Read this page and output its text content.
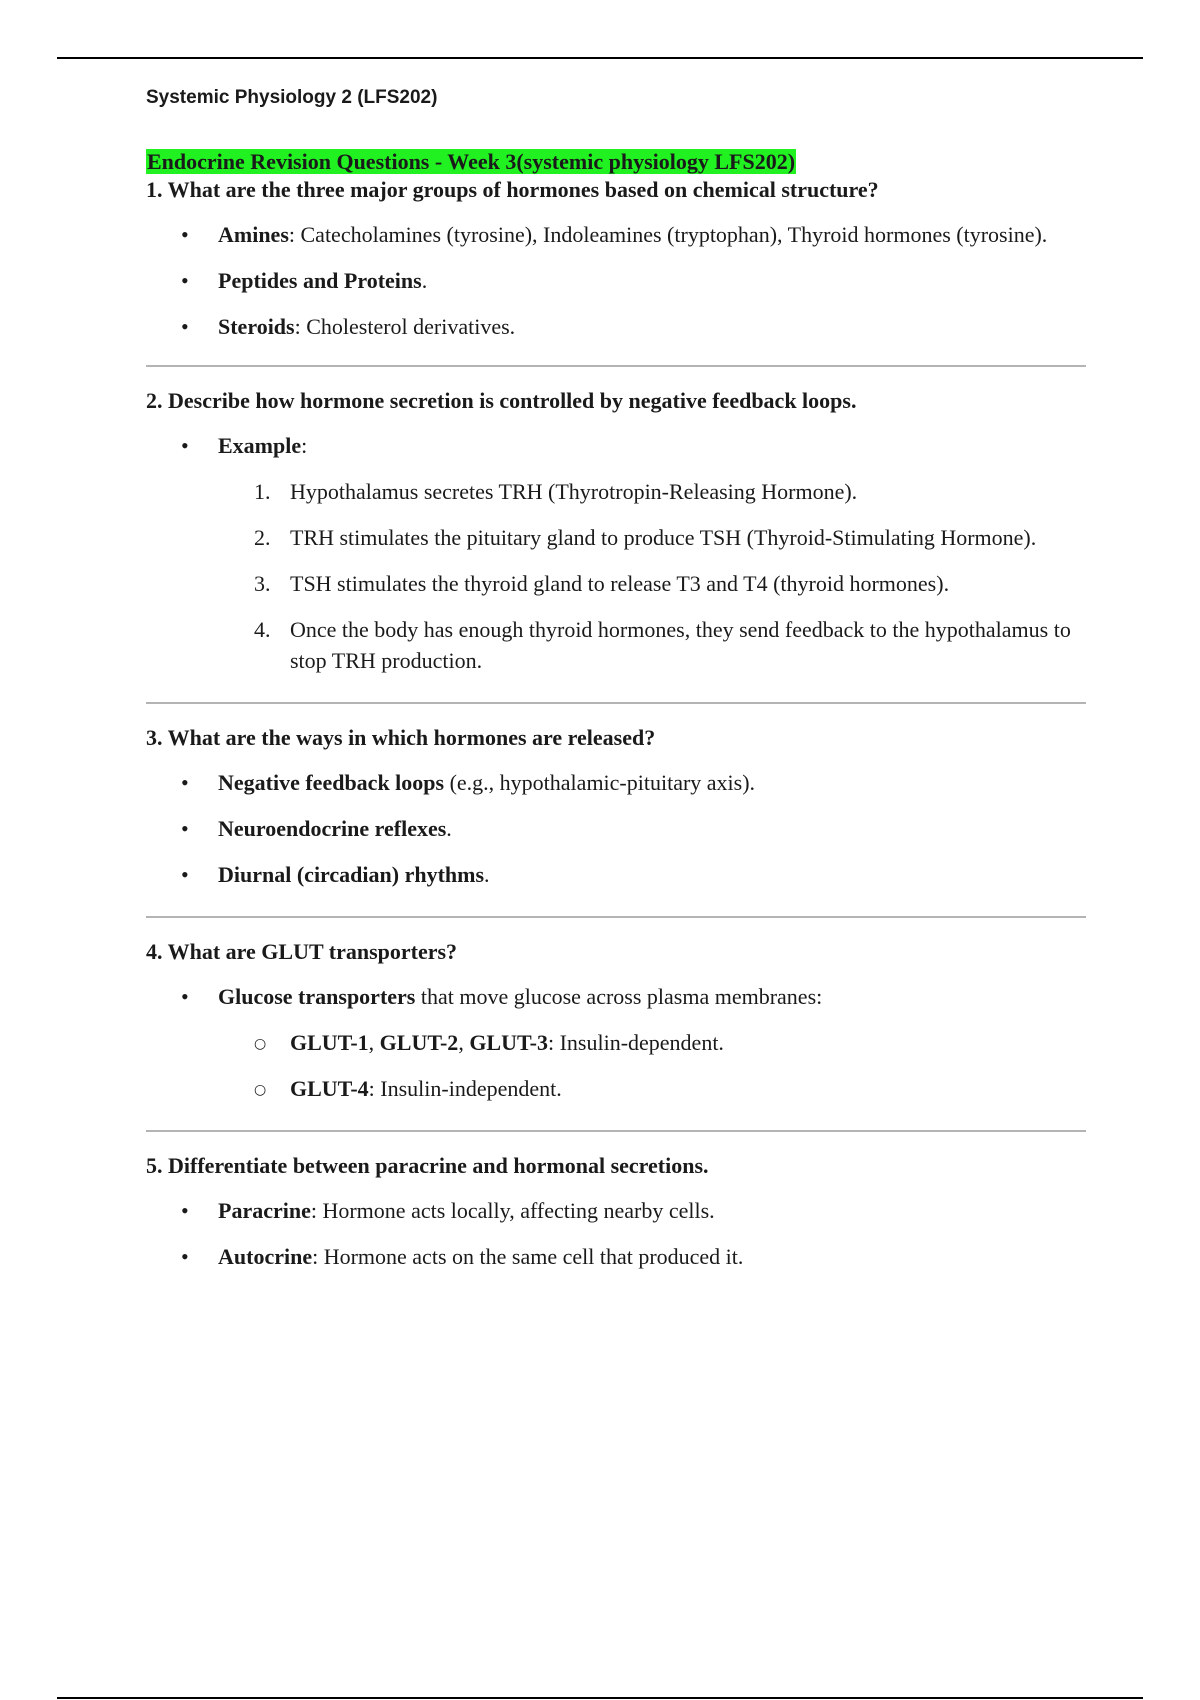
Systemic Physiology 2 (LFS202)

Endocrine Revision Questions - Week 3(systemic physiology LFS202)

1. What are the three major groups of hormones based on chemical structure?
• Amines: Catecholamines (tyrosine), Indoleamines (tryptophan), Thyroid hormones (tyrosine).
• Peptides and Proteins.
• Steroids: Cholesterol derivatives.
2. Describe how hormone secretion is controlled by negative feedback loops.
• Example:
1. Hypothalamus secretes TRH (Thyrotropin-Releasing Hormone).
2. TRH stimulates the pituitary gland to produce TSH (Thyroid-Stimulating Hormone).
3. TSH stimulates the thyroid gland to release T3 and T4 (thyroid hormones).
4. Once the body has enough thyroid hormones, they send feedback to the hypothalamus to stop TRH production.
3. What are the ways in which hormones are released?
• Negative feedback loops (e.g., hypothalamic-pituitary axis).
• Neuroendocrine reflexes.
• Diurnal (circadian) rhythms.
4. What are GLUT transporters?
• Glucose transporters that move glucose across plasma membranes:
○ GLUT-1, GLUT-2, GLUT-3: Insulin-dependent.
○ GLUT-4: Insulin-independent.
5. Differentiate between paracrine and hormonal secretions.
• Paracrine: Hormone acts locally, affecting nearby cells.
• Autocrine: Hormone acts on the same cell that produced it.
